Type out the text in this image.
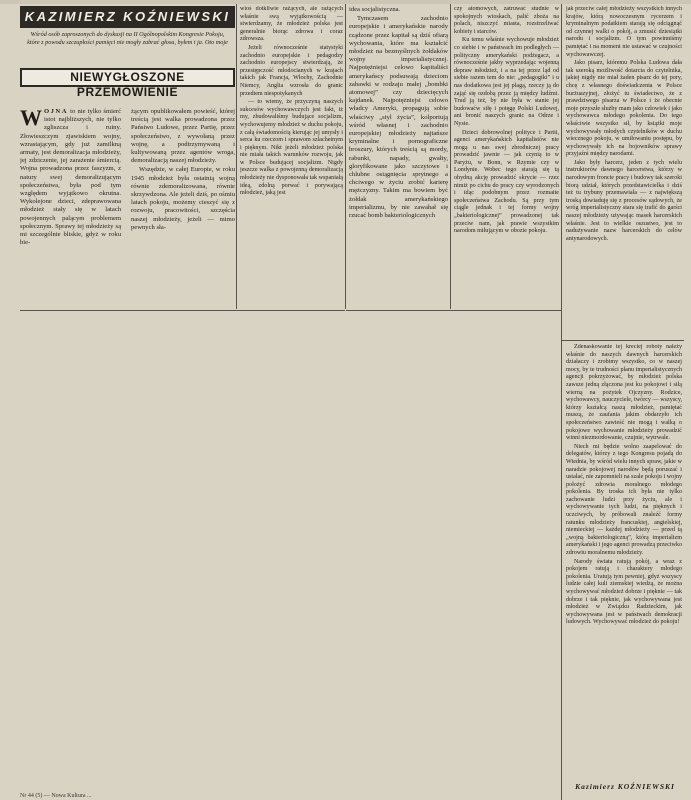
KAZIMIERZ KOŹNIEWSKI
Wśród osób zaproszonych do dyskusji na II Ogólnopolskim Kongresie Pokoju, które z powodu szczupłości pamięci nie mogły zabrać głosu, byłem i ja. Oto moje
NIEWYGŁOSZONE PRZEMÓWIENIE

WOJNA to nie tylko śmierć istot najbliższych, nie tylko zgliszcza i ruiny. Złowieszczym zjawiskiem wojny, wzrastającym, gdy już zamilkną armaty, jest demoralizacja młodzieży, jej zdziczenie, jej zarażenie śmiercią. Wojna prowadzona przez faszyzm, z natury swej demoralizującym społeczeństwa, była pod tym względem wyjątkowo okrutna. Wykolejone dzieci, zdeprawowana młodzież stały się w latach powojennych palącym problemem społecznym. Sprawy tej młodzieży są mi szczególnie bliskie, gdyż w roku bie-

żącym opublikowałem powieść, której treścią jest walka prowadzona przez Państwo Ludowe, przez Partię, przez społeczeństwo, z wywołaną przez wojnę, a podtrzymywaną i kultywowaną przez agentów wroga, demoralizacją naszej młodzieży.

Wszędzie, w całej Europie, w roku 1945 młodzież była ostatnią wojną równie zdemoralizowana, równie skrzywdzona. Ale jeżeli dziś, po ośmiu latach pokoju, możemy cieszyć się z rozwoju, pracowitości, szczęścia naszej młodzieży, jeżeli — mimo pewnych sła-

wioś dotkliwie rażących, ale rażących właśnie swą wyjątkowością — stwierdzamy, że młodzież polska jest generalnie biorąc zdrowa i coraz zdrowsza.

Jeżeli równocześnie statystyki zachodnio europejskie i pedagodzy zachodnio europejscy stwierdzają, że przestępczość młodocianych w krajach takich jak Francja, Włochy, Zachodnie Niemcy, Anglia wzrosła do granic przedtem niespotykanych

— to wiemy, że przyczyną naszych sukcesów wychowawczych jest fakt, iż my, zbudowaliśmy budujące socjalizm, wychowujemy młodzież w duchu pokoju, z całą świadomością kierując jej umysły i serca ku rzeczom i sprawom szlachetnym i pięknym. Nikt jeżeli młodzież polska nie miała takich warunków rozwoju, jak w Polsce budującej socjalizm. Nigdy jeszcze walka z powojenną demoralizacją młodzieży nie dysponowała tak wspaniałą ideą, zdolną porwać i porywającą młodzież, jaką jest

idea socjalistyczna.

Tymczasem zachodnio europejskie i amerykańskie narody rządzone przez kapitał są dziś ofiarą wychowania, które ma kształcić młodzież na bezmyślnych żołdaków wojny imperialistycznej. Najpotężniejsi celowo kapitaliści amerykańscy podsuwają dzieciom zabawki w rodzaju małej „bombki atomowej” czy dziecięcych kajdanek. Najpotężniejsi celowo władcy Ameryki, propagują sobie właściwy „styl życia”, kolportują wśród własnej i zachodnio europejskiej młodzieży najtańsze kryminalne i pornograficzne broszury, których treścią są mordy, rabunki, napady, gwałty, gloryfikowane jako szczytowe i chlubne osiągnięcia sprytnego a chciwego w życiu zrobić karierę mężczyzny. Takim ma bowiem być żołdak amerykańskiego imperializmu, by nie zawahał się rzucać bomb bakteriologicznych

czy atomowych, zatruwać studnie w spokojnych wioskach, palić zboża na polach, niszczyć miasta, rozstrzeliwać kobiety i starców.

Ku temu właśnie wychowuje młodzież co siebie i w państwach im podległych — polityczny amerykański podżegacz, a równocześnie jakby wyprzedając wojenną depraw młodzież, i a na tej przez ląd od siebie razem tem do nie: „pedagogiki” i u nas dodatkowa jest jej plagą, rzeczy ją do zająć się ozdobą przez ją między ludźmi. Trud ją też, by nie była w stanie jej budowaćw siłę i potęgę Polski Ludowej, ani bronić naszych granic na Odrze i Nysie.

Dzieci dobrowolnej polityce i Partii, agenci amerykańskich kapitalistów nie mogą u nas swej zbrodniczej pracy prowadzić jawnie — jak czynią to w Paryżu, w Bonn, w Rzymie czy w Londynie. Wobec tego starają się tą ohydną akcję prowadzić skrycie — rzez nimiż po cichu do pracy czy wyrodzonych i idąc podobnym przez rozmaite społeczeństwa Zachodu. Są przy tym ciągle jednak i tej formy wojny „bakteriologicznej” prowadzonej tak przeciw nam, jak prawie wszystkim narodom miłującym w obozie pokoju.

jak przeciw całej młodzieży wszystkich innych krajów, którą nowoczesnym rycerzem i kryminalnym podatkiem starają się odciągnąć od czynnej walki o pokój, a zmusić dziesiątki narodu i socjalizm. O tym powinniśmy pamiętać i na moment nie ustawać w czujności wychowawczej.

Jako pisarz, któremu Polska Ludowa dała tak szeroką możliwość dotarcia do czytelnika, jakiej nigdy nie miał żaden pisarz do tej pory, chcę z własnego doświadczenia w Polsce burżuazyjnej, złożyć tu świadectwo, że z prawdziwego pisarza w Polsce i że obecnie moje przyszłe służby mam jako człowiek i jako wychowawca młodego pokolenia. Do tego właściwie wszystko sił, by książki moje wychowywały młodych czytelników w duchu wiecznego pokoju, w umiłowaniu postępu, by wychowywały ich na bojowników sprawy przyjaźni między narodami.

Jako były harcerz, jeden z tych wielu instruktorów dawnego harcerstwa, którzy w narodowym froncie pracy i budowy tak szeroki biorą udział, których przedstawicielka i dziś też tu trybuny przemawiała — z największą troską dowiaduję się z procesów sądowych, że wróg imperialistyczny stara się trafić do garści naszej młodzieży używając masek harcerskich właśnie. Jest to wielkie oszustwo, jest to nadużywanie nazw harcerskich do celów antynarodowych.

Zdenaskowanie tej kreciej roboty należy właśnie do naszych dawnych harcerskich działaczy i zrobimy wszystko, co w naszej mocy, by te trudności planu imperialistycznych agencji pokrzyżować, by młodzież polska zawsze jedną złączona jest ku pokojowi i siłą wierną na pożytek Ojczyzny. Rodzice, wychowawcy, nauczyciele, twórcy — wszyscy, którzy kształcą naszą młodzież, pamiętać muszą, że zaufania jakim obdarzyło ich społeczeństwo zawieść nie mogą i walką o pokojowe wychowanie młodzieży prowadzić winni niezmordowanie, czujnie, wytrwale.

Niech mi będzie wolno zaapelować do delegatów, którzy z tego Kongresu pojadą do Wiednia, by wśród wielu innych spraw, jakie w naradzie pokojowej narodów będą poruszać i ustalać, nie zapomnieli na szale pokoju i wojny położyć zdrowia moralnego młodego pokolenia. By troska ich była nie tylko zachowanie ludzi przy życiu, ale i wychowywanie tych ludzi, na pięknych i uczciwych, by próbowali znaleźć formy ratunku młodzieży francuskiej, angielskiej, niemieckiej — każdej młodzieży — przed tą „wojną bakteriologiczną”, którą imperializm amerykański i jego agenci prowadzą przeciwko zdrowiu moralnemu młodzieży.

Narody świata ratują pokój, a wraz z pokojem ratują i charaktery młodego pokolenia. Uratują tym pewniej, gdyż wszyscy ludzie całej kuli ziemskiej wiedzą, że można wychowywać młodzież dobrze i pięknie — tak dobrze i tak pięknie, jak wychowywana jest młodzież w Związku Radzieckim, jak wychowywana jest w państwach demokracji ludowych. Wychowywać młodzież do pokoju!

Kazimierz KOŹNIEWSKI
Nr 44 (5) — Nowa Kultura ...
